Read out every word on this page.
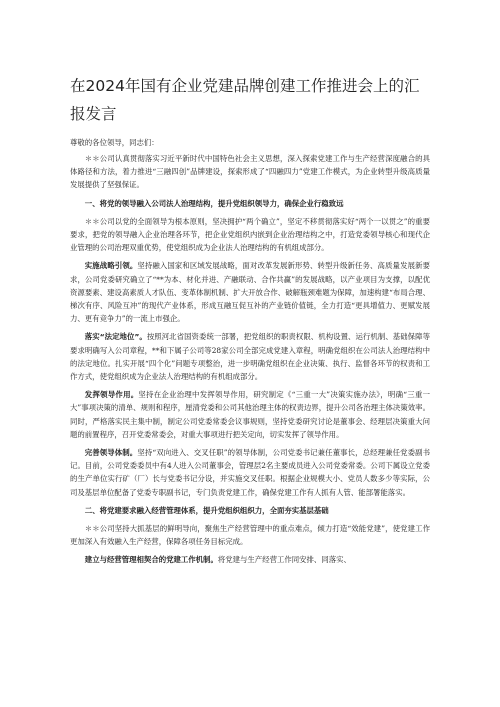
在2024年国有企业党建品牌创建工作推进会上的汇报发言
尊敬的各位领导，同志们：

＊＊公司认真贯彻落实习近平新时代中国特色社会主义思想，深入探索党建工作与生产经营深度融合的具体路径和方法，着力推进“三融四创”品牌建设，探索形成了“四融四力”党建工作模式，为企业转型升级高质量发展提供了坚强保证。

一、将党的领导融入公司法人治理结构，提升党组织领导力，确保企业行稳致远

＊＊公司以党的全面领导为根本原则，坚决拥护“两个确立”，坚定不移贯彻落实好“两个一以贯之”的重要要求，把党的领导融入企业治理各环节，把企业党组织内嵌到企业治理结构之中，打造党委领导核心和现代企业管理的公司治理双重优势，使党组织成为企业法人治理结构的有机组成部分。

实施战略引领。坚持融入国家和区域发展战略，面对改革发展新形势、转型升级新任务、高质量发展新要求，公司党委研究确立了“**为本、材化并进、产融联动、合作共赢”的发展战略，以产业项目为支撑，以配优资源要素、建设高素质人才队伍、变革体制机制、扩大开放合作、破解瓶颈难题为保障，加速构建“布局合理、梯次有序、风险互冲”的现代产业体系，形成互融互促互补的产业链价值链，全力打造“更具增值力、更赋发展力、更有竞争力”的一流上市强企。

落实“法定地位”。按照河北省国资委统一部署，把党组织的职责权限、机构设置、运行机制、基础保障等要求明确写入公司章程，**和下属子公司等28家公司全部完成党建入章程，明确党组织在公司法人治理结构中的法定地位。扎实开展“四个化”问题专项整治，进一步明确党组织在企业决策、执行、监督各环节的权责和工作方式，使党组织成为企业法人治理结构的有机组成部分。

发挥领导作用。坚持在企业治理中发挥领导作用，研究制定《“三重一大”决策实施办法》，明确“三重一大”事项决策的清单、规则和程序，厘清党委和公司其他治理主体的权责边界，提升公司各治理主体决策效率。同时，严格落实民主集中制，制定公司党委常委会议事规则，坚持党委研究讨论是董事会、经理层决策重大问题的前置程序，召开党委常委会，对重大事项进行把关定向，切实发挥了领导作用。

完善领导体制。坚持“双向进入、交叉任职”的领导体制，公司党委书记兼任董事长，总经理兼任党委副书记。目前，公司党委委员中有4人进入公司董事会，管理层2名主要成员进入公司党委常委。公司下属设立党委的生产单位实行矿（厂）长与党委书记分设，并实施交叉任职。根据企业规模大小、党员人数多少等实际，公司及基层单位配备了党委专职副书记，专门负责党建工作，确保党建工作有人抓有人管、能部署能落实。

二、将党建要求融入经营管理体系，提升党组织组织力，全面夯实基层基础

＊＊公司坚持大抓基层的鲜明导向，聚焦生产经营管理中的重点难点，倾力打造“效能党建”，使党建工作更加深入有效融入生产经营，保障各项任务目标完成。

建立与经营管理相契合的党建工作机制。将党建与生产经营工作同安排、同落实、
